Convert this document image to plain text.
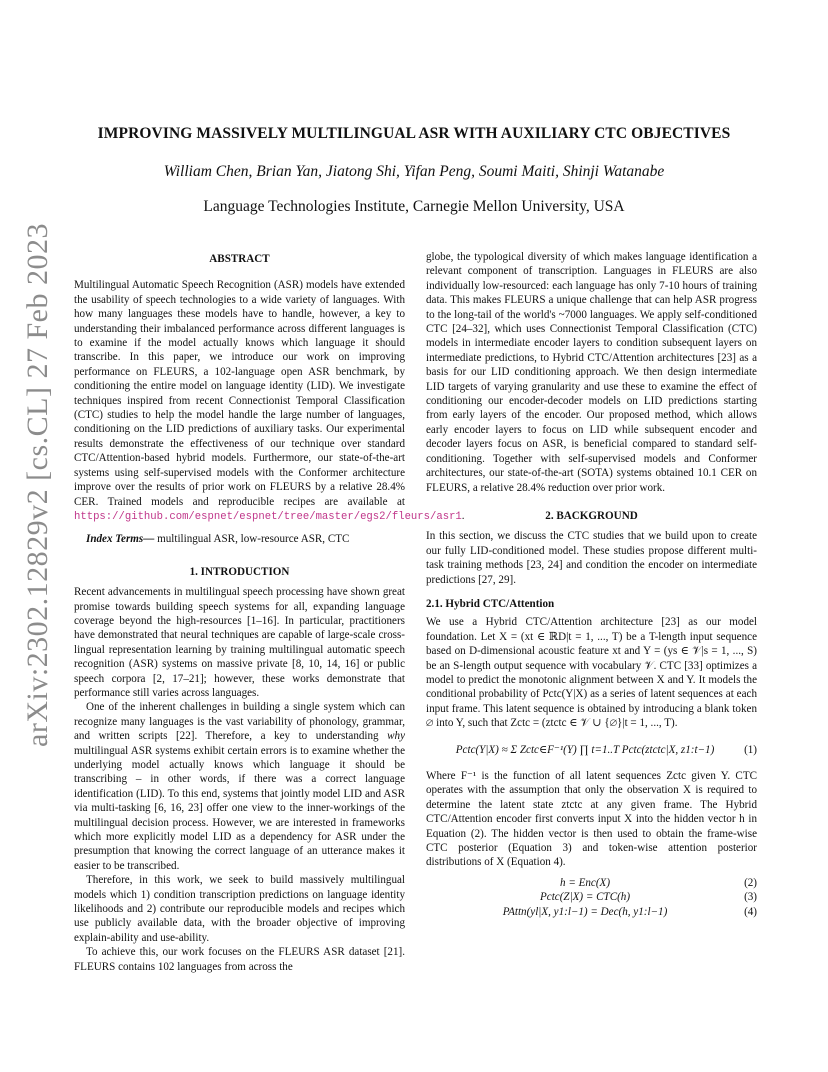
arXiv:2302.12829v2 [cs.CL] 27 Feb 2023
IMPROVING MASSIVELY MULTILINGUAL ASR WITH AUXILIARY CTC OBJECTIVES
William Chen, Brian Yan, Jiatong Shi, Yifan Peng, Soumi Maiti, Shinji Watanabe
Language Technologies Institute, Carnegie Mellon University, USA

ABSTRACT

Multilingual Automatic Speech Recognition (ASR) models have extended the usability of speech technologies to a wide variety of languages. With how many languages these models have to handle, however, a key to understanding their imbalanced performance across different languages is to examine if the model actually knows which language it should transcribe. In this paper, we introduce our work on improving performance on FLEURS, a 102-language open ASR benchmark, by conditioning the entire model on language identity (LID). We investigate techniques inspired from recent Connectionist Temporal Classification (CTC) studies to help the model handle the large number of languages, conditioning on the LID predictions of auxiliary tasks. Our experimental results demonstrate the effectiveness of our technique over standard CTC/Attention-based hybrid models. Furthermore, our state-of-the-art systems using self-supervised models with the Conformer architecture improve over the results of prior work on FLEURS by a relative 28.4% CER. Trained models and reproducible recipes are available at https://github.com/espnet/espnet/tree/master/egs2/fleurs/asr1.

Index Terms— multilingual ASR, low-resource ASR, CTC

1. INTRODUCTION

Recent advancements in multilingual speech processing have shown great promise towards building speech systems for all, expanding language coverage beyond the high-resources [1–16]. In particular, practitioners have demonstrated that neural techniques are capable of large-scale cross-lingual representation learning by training multilingual automatic speech recognition (ASR) systems on massive private [8, 10, 14, 16] or public speech corpora [2, 17–21]; however, these works demonstrate that performance still varies across languages.

One of the inherent challenges in building a single system which can recognize many languages is the vast variability of phonology, grammar, and written scripts [22]. Therefore, a key to understanding why multilingual ASR systems exhibit certain errors is to examine whether the underlying model actually knows which language it should be transcribing – in other words, if there was a correct language identification (LID). To this end, systems that jointly model LID and ASR via multi-tasking [6, 16, 23] offer one view to the inner-workings of the multilingual decision process. However, we are interested in frameworks which more explicitly model LID as a dependency for ASR under the presumption that knowing the correct language of an utterance makes it easier to be transcribed.

Therefore, in this work, we seek to build massively multilingual models which 1) condition transcription predictions on language identity likelihoods and 2) contribute our reproducible models and recipes which use publicly available data, with the broader objective of improving explain-ability and use-ability.

To achieve this, our work focuses on the FLEURS ASR dataset [21]. FLEURS contains 102 languages from across the

globe, the typological diversity of which makes language identification a relevant component of transcription. Languages in FLEURS are also individually low-resourced: each language has only 7-10 hours of training data. This makes FLEURS a unique challenge that can help ASR progress to the long-tail of the world's ~7000 languages. We apply self-conditioned CTC [24–32], which uses Connectionist Temporal Classification (CTC) models in intermediate encoder layers to condition subsequent layers on intermediate predictions, to Hybrid CTC/Attention architectures [23] as a basis for our LID conditioning approach. We then design intermediate LID targets of varying granularity and use these to examine the effect of conditioning our encoder-decoder models on LID predictions starting from early layers of the encoder. Our proposed method, which allows early encoder layers to focus on LID while subsequent encoder and decoder layers focus on ASR, is beneficial compared to standard self-conditioning. Together with self-supervised models and Conformer architectures, our state-of-the-art (SOTA) systems obtained 10.1 CER on FLEURS, a relative 28.4% reduction over prior work.

2. BACKGROUND

In this section, we discuss the CTC studies that we build upon to create our fully LID-conditioned model. These studies propose different multi-task training methods [23, 24] and condition the encoder on intermediate predictions [27, 29].

2.1. Hybrid CTC/Attention

We use a Hybrid CTC/Attention architecture [23] as our model foundation. Let X = (xt ∈ ℝD|t = 1, ..., T) be a T-length input sequence based on D-dimensional acoustic feature xt and Y = (ys ∈ 𝒱|s = 1, ..., S) be an S-length output sequence with vocabulary 𝒱. CTC [33] optimizes a model to predict the monotonic alignment between X and Y. It models the conditional probability of Pctc(Y|X) as a series of latent sequences at each input frame. This latent sequence is obtained by introducing a blank token ∅ into Y, such that Zctc = (ztctc ∈ 𝒱 ∪ {∅}|t = 1, ..., T).

Pctc(Y|X) ≈ Σ Zctc∈F⁻¹(Y) ∏ t=1..T Pctc(ztctc|X, z1:t−1)	(1)

Where F⁻¹ is the function of all latent sequences Zctc given Y. CTC operates with the assumption that only the observation X is required to determine the latent state ztctc at any given frame. The Hybrid CTC/Attention encoder first converts input X into the hidden vector h in Equation (2). The hidden vector is then used to obtain the frame-wise CTC posterior (Equation 3) and token-wise attention posterior distributions of X (Equation 4).

h = Enc(X)	(2)
Pctc(Z|X) = CTC(h)	(3)
PAttn(yl|X, y1:l−1) = Dec(h, y1:l−1)	(4)
